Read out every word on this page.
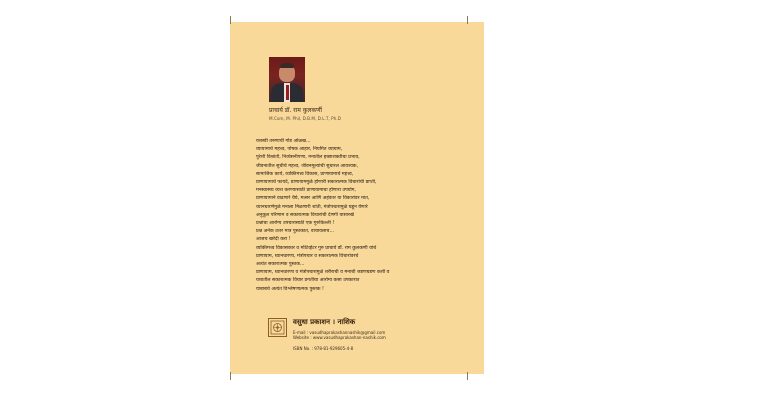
प्राचार्य डॉ. राम कुलकर्णी
M.Com, M. Phil, D.B.M, D.L.T, Ph.D
यशस्वी तरुणाची गोड ओळख...
व्यायामाचे महत्त्व, पोषक आहार, नियमित व्यायाम,
पुरेशी विश्रांती, निर्व्यसनीपणा, मनातील इच्छाशक्तीचा प्रभाव,
जीवनातील सुचीचे महत्त्व, जीवनमूल्यांची सुधारल आवश्यक,
सामाजिक कार्य, व्यक्तिमत्त्व विकास, प्राणायामाचे महत्त्व,
प्राणायामाचे फायदे, प्राणायाममुळे होणारी सकारात्मक विचारांची प्राप्ती,
मनस्वास्थ्य व्यत्त करण्यासाठी प्राणायामाचा होणारा उपयोग,
प्राणायामाने वाढणारे धैर्य, मत्सर आणि अहंकार या विकारांवर मात,
ध्यानधारणेमुळे मनाला मिळणारी शांती, मंत्रोपचारामुळे घडून येणारे
अनुकूल परिणाम व सकारात्मक विचारांची देणगी यासारखे
प्रश्नांचा आरोग्य उपचारासाठी एक गुरुकिल्ली !
प्रश्न अनेक उत्तर मात्र पुस्तकात, वाचायलाच...
आजच खरेदी करा !
व्यक्तिमत्त्व विकासकार व मोटिव्हेटर गुरु प्राचार्य डॉ. राम कुलकर्णी यांचे
प्राणायाम, ध्यानधारणा, मंत्रोपचार व सकारात्मक विचारांवरचे
अत्यंत सकारात्मक पुस्तक...
प्राणायाम, ध्यानधारणा व मंत्रोपचारामुळे शरीराची व मनाची जडणघडण कशी व
यशातील सकारात्मक विचार प्रगतीचा आरोग्य कसा उपकारात
याबाबचे अत्यंत विश्लेषणात्मक पुस्तक !
वसुधा प्रकाशन । नाशिक
E-mail : vasudhaprakashannashik@gmail.com
Website : www.vasudhaprakashan-nashik.com
ISBN No. : 978-81-929605-4-8
